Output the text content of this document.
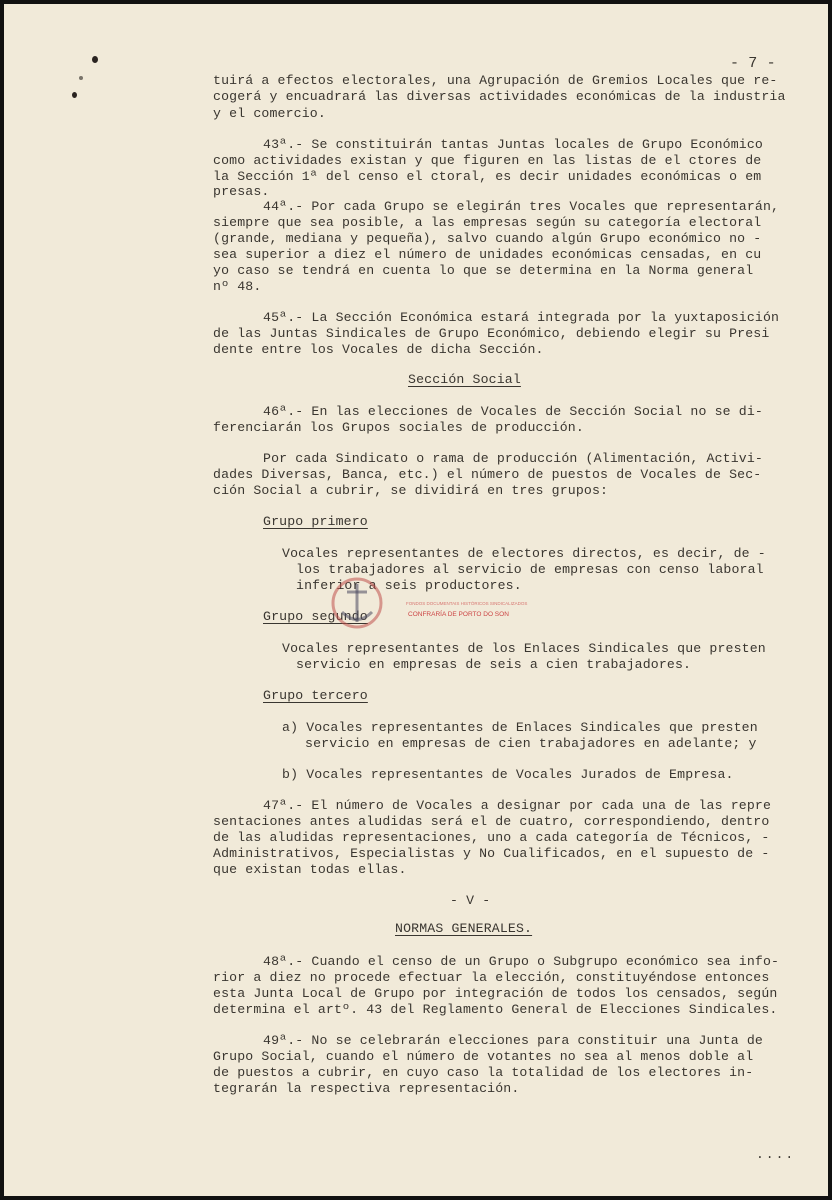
- 7 -
tuirá a efectos electorales, una Agrupación de Gremios Locales que re-
cogerá y encuadrará las diversas actividades económicas de la industria
y el comercio.
43ª.- Se constituirán tantas Juntas locales de Grupo Económico
como actividades existan y que figuren en las listas de el ctores de
la Sección 1ª del censo el ctoral, es decir unidades económicas o em
presas.
44ª.- Por cada Grupo se elegirán tres Vocales que representarán,
siempre que sea posible, a las empresas según su categoría electoral
(grande, mediana y pequeña), salvo cuando algún Grupo económico no -
sea superior a diez el número de unidades económicas censadas, en cu
yo caso se tendrá en cuenta lo que se determina en la Norma general
nº 48.
45ª.- La Sección Económica estará integrada por la yuxtaposición
de las Juntas Sindicales de Grupo Económico, debiendo elegir su Presi
dente entre los Vocales de dicha Sección.
Sección Social
46ª.- En las elecciones de Vocales de Sección Social no se di-
ferenciarán los Grupos sociales de producción.
Por cada Sindicato o rama de producción (Alimentación, Activi-
dades Diversas, Banca, etc.) el número de puestos de Vocales de Sec-
ción Social a cubrir, se dividirá en tres grupos:
Grupo primero
Vocales representantes de electores directos, es decir, de -
los trabajadores al servicio de empresas con censo laboral
inferior a seis productores.
Grupo segundo
Vocales representantes de los Enlaces Sindicales que presten
servicio en empresas de seis a cien trabajadores.
Grupo tercero
a) Vocales representantes de Enlaces Sindicales que presten
servicio en empresas de cien trabajadores en adelante; y
b) Vocales representantes de Vocales Jurados de Empresa.
47ª.- El número de Vocales a designar por cada una de las repre
sentaciones antes aludidas será el de cuatro, correspondiendo, dentro
de las aludidas representaciones, uno a cada categoría de Técnicos, -
Administrativos, Especialistas y No Cualificados, en el supuesto de -
que existan todas ellas.
- V -
NORMAS GENERALES.
48ª.- Cuando el censo de un Grupo o Subgrupo económico sea info-
rior a diez no procede efectuar la elección, constituyéndose entonces
esta Junta Local de Grupo por integración de todos los censados, según
determina el artº. 43 del Reglamento General de Elecciones Sindicales.
49ª.- No se celebrarán elecciones para constituir una Junta de
Grupo Social, cuando el número de votantes no sea al menos doble al
de puestos a cubrir, en cuyo caso la totalidad de los electores in-
tegrarán la respectiva representación.
FONDOS DOCUMENTAIS HISTÓRICOS SINDICALIZADOS
CONFRARÍA DE PORTO DO SON
....
